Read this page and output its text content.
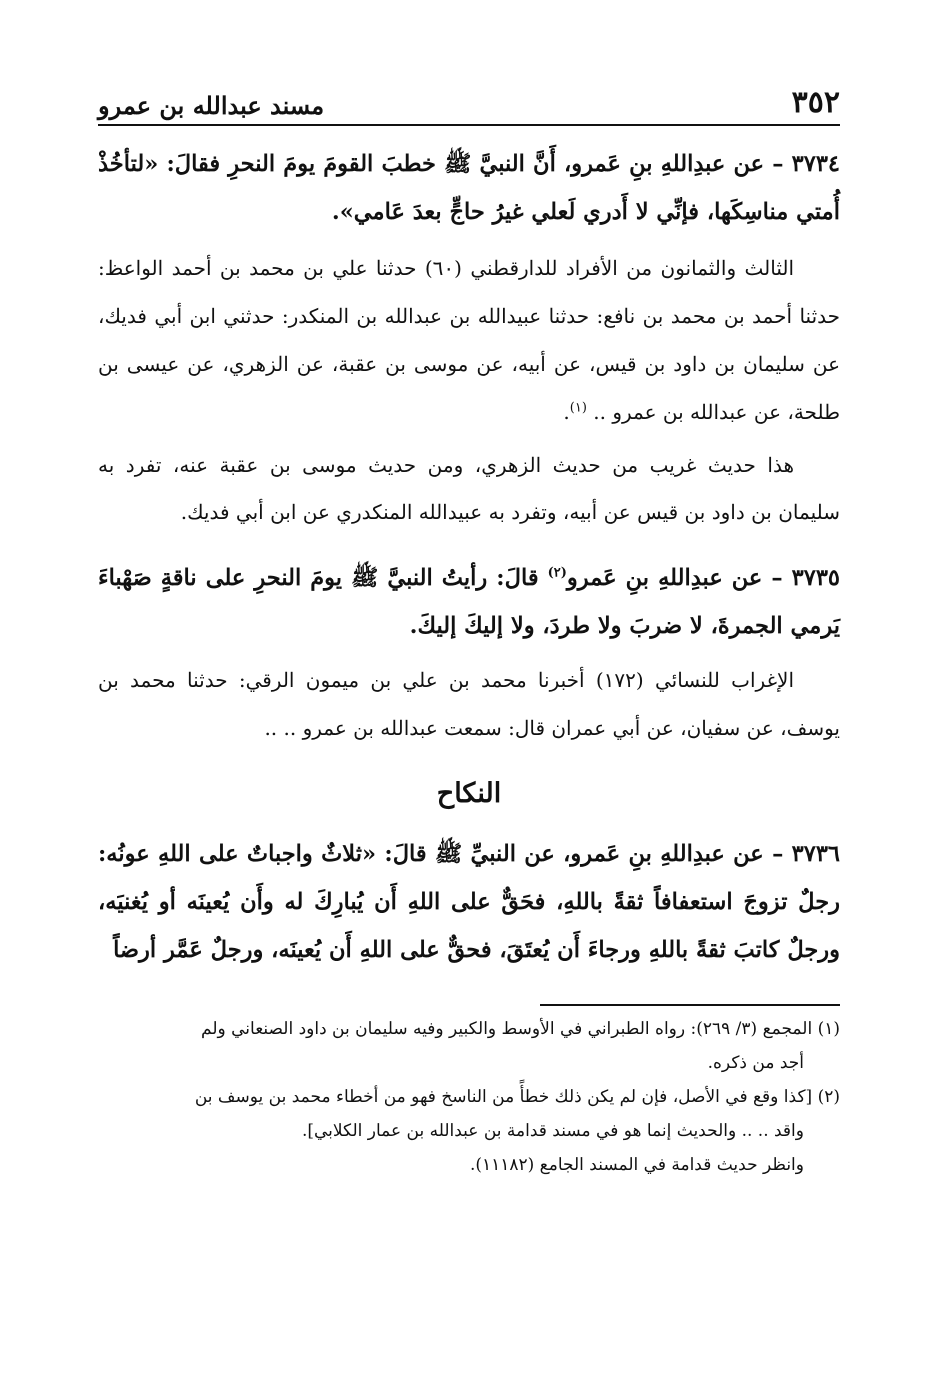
٣٥٢
مسند عبدالله بن عمرو

٣٧٣٤ – عن عبدِاللهِ بنِ عَمرو، أَنَّ النبيَّ ﷺ خطبَ القومَ يومَ النحرِ فقالَ: «لتأخُذْ أُمتي مناسِكَها، فإنِّي لا أَدري لَعلي غيرُ حاجٍّ بعدَ عَامي».

الثالث والثمانون من الأفراد للدارقطني (٦٠) حدثنا علي بن محمد بن أحمد الواعظ: حدثنا أحمد بن محمد بن نافع: حدثنا عبيدالله بن عبدالله بن المنكدر: حدثني ابن أبي فديك، عن سليمان بن داود بن قيس، عن أبيه، عن موسى بن عقبة، عن الزهري، عن عيسى بن طلحة، عن عبدالله بن عمرو .. $^{(١)}$.

هذا حديث غريب من حديث الزهري، ومن حديث موسى بن عقبة عنه، تفرد به سليمان بن داود بن قيس عن أبيه، وتفرد به عبيدالله المنكدري عن ابن أبي فديك.

٣٧٣٥ – عن عبدِاللهِ بنِ عَمرو$^{(٢)}$ قالَ: رأيتُ النبيَّ ﷺ يومَ النحرِ على ناقةٍ صَهْباءَ يَرمي الجمرةَ، لا ضربَ ولا طردَ، ولا إليكَ إليكَ.

الإغراب للنسائي (١٧٢) أخبرنا محمد بن علي بن ميمون الرقي: حدثنا محمد بن يوسف، عن سفيان، عن أبي عمران قال: سمعت عبدالله بن عمرو .. ..

النكاح

٣٧٣٦ – عن عبدِاللهِ بنِ عَمرو، عن النبيِّ ﷺ قالَ: «ثلاثٌ واجباتٌ على اللهِ عونُه: رجلٌ تزوجَ استعفافاً ثقةً باللهِ، فحَقٌّ على اللهِ أَن يُبارِكَ له وأَن يُعينَه أو يُغنيَه، ورجلٌ كاتبَ ثقةً باللهِ ورجاءَ أَن يُعتَقَ، فحقٌّ على اللهِ أَن يُعينَه، ورجلٌ عَمَّر أرضاً

(١) المجمع (٣/ ٢٦٩): رواه الطبراني في الأوسط والكبير وفيه سليمان بن داود الصنعاني ولم

أجد من ذكره.

(٢) [كذا وقع في الأصل، فإن لم يكن ذلك خطأً من الناسخ فهو من أخطاء محمد بن يوسف بن

واقد .. .. والحديث إنما هو في مسند قدامة بن عبدالله بن عمار الكلابي].

وانظر حديث قدامة في المسند الجامع (١١١٨٢).
